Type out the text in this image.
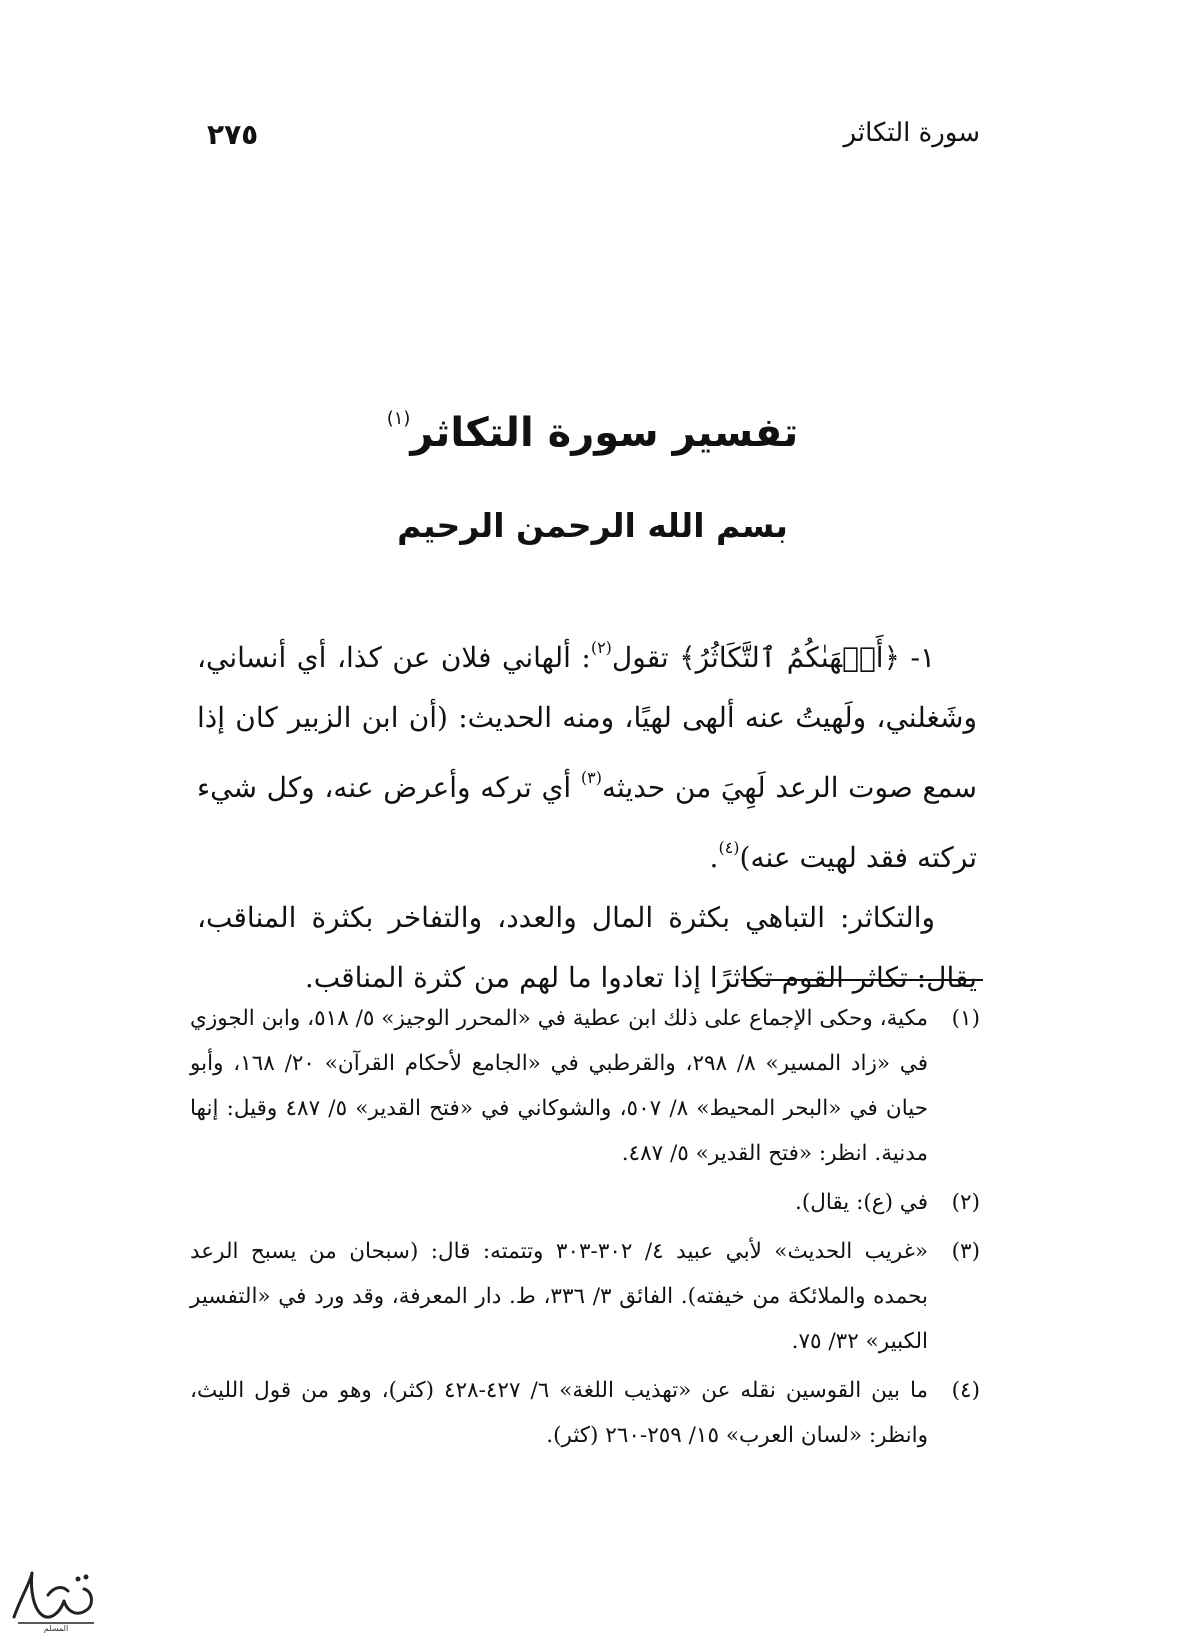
سورة التكاثر
٢٧٥
تفسير سورة التكاثر$^{(١)}$
بسم الله الرحمن الرحيم

١- ﴿أَلۡهَىٰكُمُ ٱلتَّكَاثُرُ﴾ تقول$^{(٢)}$: ألهاني فلان عن كذا، أي أنساني، وشَغلني، ولَهيتُ عنه ألهى لهيًا، ومنه الحديث: (أن ابن الزبير كان إذا سمع صوت الرعد لَهِيَ من حديثه$^{(٣)}$ أي تركه وأعرض عنه، وكل شيء تركته فقد لهيت عنه)$^{(٤)}$.

والتكاثر: التباهي بكثرة المال والعدد، والتفاخر بكثرة المناقب، يقال: تكاثر القوم تكاثرًا إذا تعادوا ما لهم من كثرة المناقب.

(١)
مكية، وحكى الإجماع على ذلك ابن عطية في «المحرر الوجيز» ٥/ ٥١٨، وابن الجوزي في «زاد المسير» ٨/ ٢٩٨، والقرطبي في «الجامع لأحكام القرآن» ٢٠/ ١٦٨، وأبو حيان في «البحر المحيط» ٨/ ٥٠٧، والشوكاني في «فتح القدير» ٥/ ٤٨٧ وقيل: إنها مدنية. انظر: «فتح القدير» ٥/ ٤٨٧.
(٢)
في (ع): يقال).
(٣)
«غريب الحديث» لأبي عبيد ٤/ ٣٠٢-٣٠٣ وتتمته: قال: (سبحان من يسبح الرعد بحمده والملائكة من خيفته). الفائق ٣/ ٣٣٦، ط. دار المعرفة، وقد ورد في «التفسير الكبير» ٣٢/ ٧٥.
(٤)
ما بين القوسين نقله عن «تهذيب اللغة» ٦/ ٤٢٧-٤٢٨ (كثر)، وهو من قول الليث، وانظر: «لسان العرب» ١٥/ ٢٥٩-٢٦٠ (كثر).
المسلم
